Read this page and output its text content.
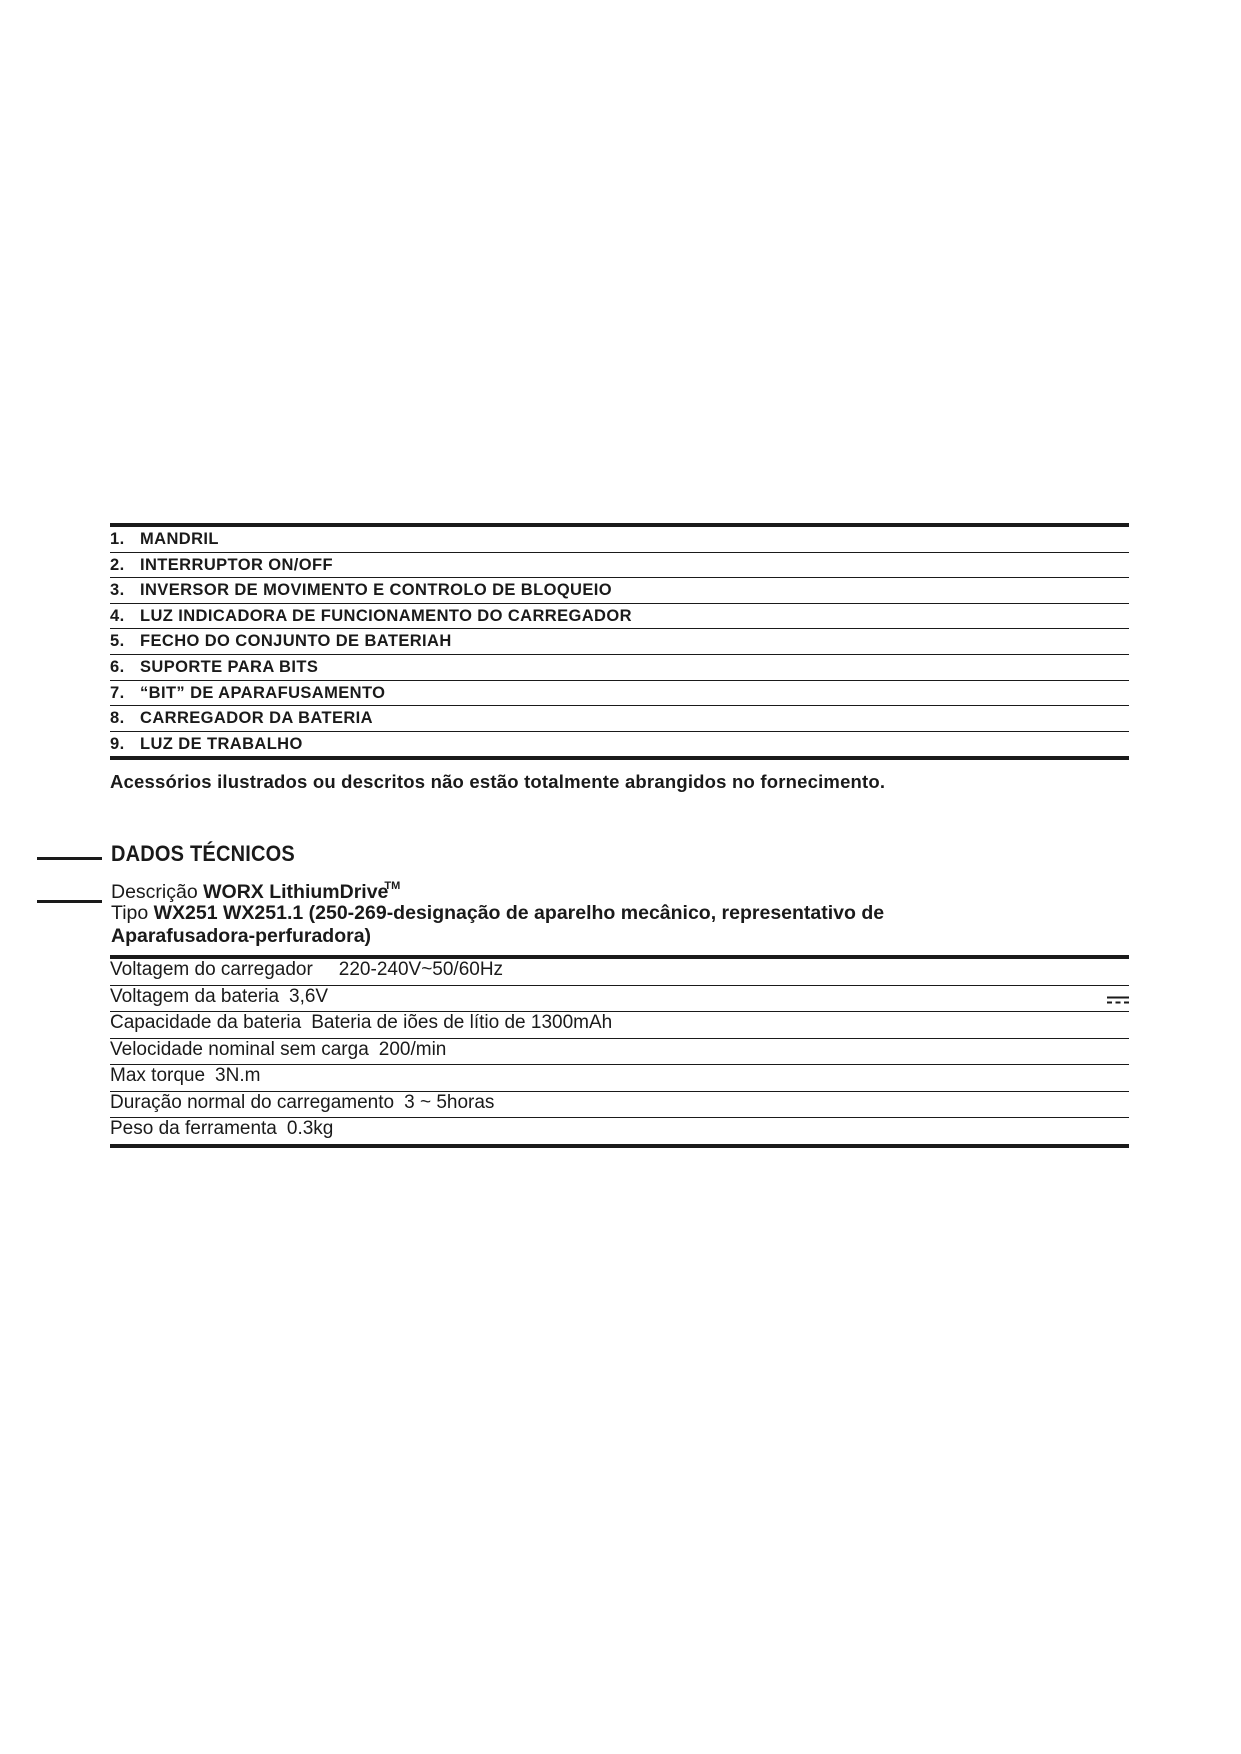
1. MANDRIL
2. INTERRUPTOR ON/OFF
3. INVERSOR DE MOVIMENTO E CONTROLO DE BLOQUEIO
4. LUZ INDICADORA DE FUNCIONAMENTO DO CARREGADOR
5. FECHO DO CONJUNTO DE BATERIAH
6. SUPORTE PARA BITS
7. “BIT” DE APARAFUSAMENTO
8. CARREGADOR DA BATERIA
9. LUZ DE TRABALHO
Acessórios ilustrados ou descritos não estão totalmente abrangidos no fornecimento.
DADOS TÉCNICOS
Descrição WORX LithiumDrive™
Tipo WX251 WX251.1 (250-269-designação de aparelho mecânico, representativo de
Aparafusadora-perfuradora)
Voltagem do carregador 220-240V~50/60Hz
Voltagem da bateria 3,6V
Capacidade da bateria Bateria de iões de lítio de 1300mAh
Velocidade nominal sem carga 200/min
Max torque 3N.m
Duração normal do carregamento 3 ~ 5horas
Peso da ferramenta 0.3kg
